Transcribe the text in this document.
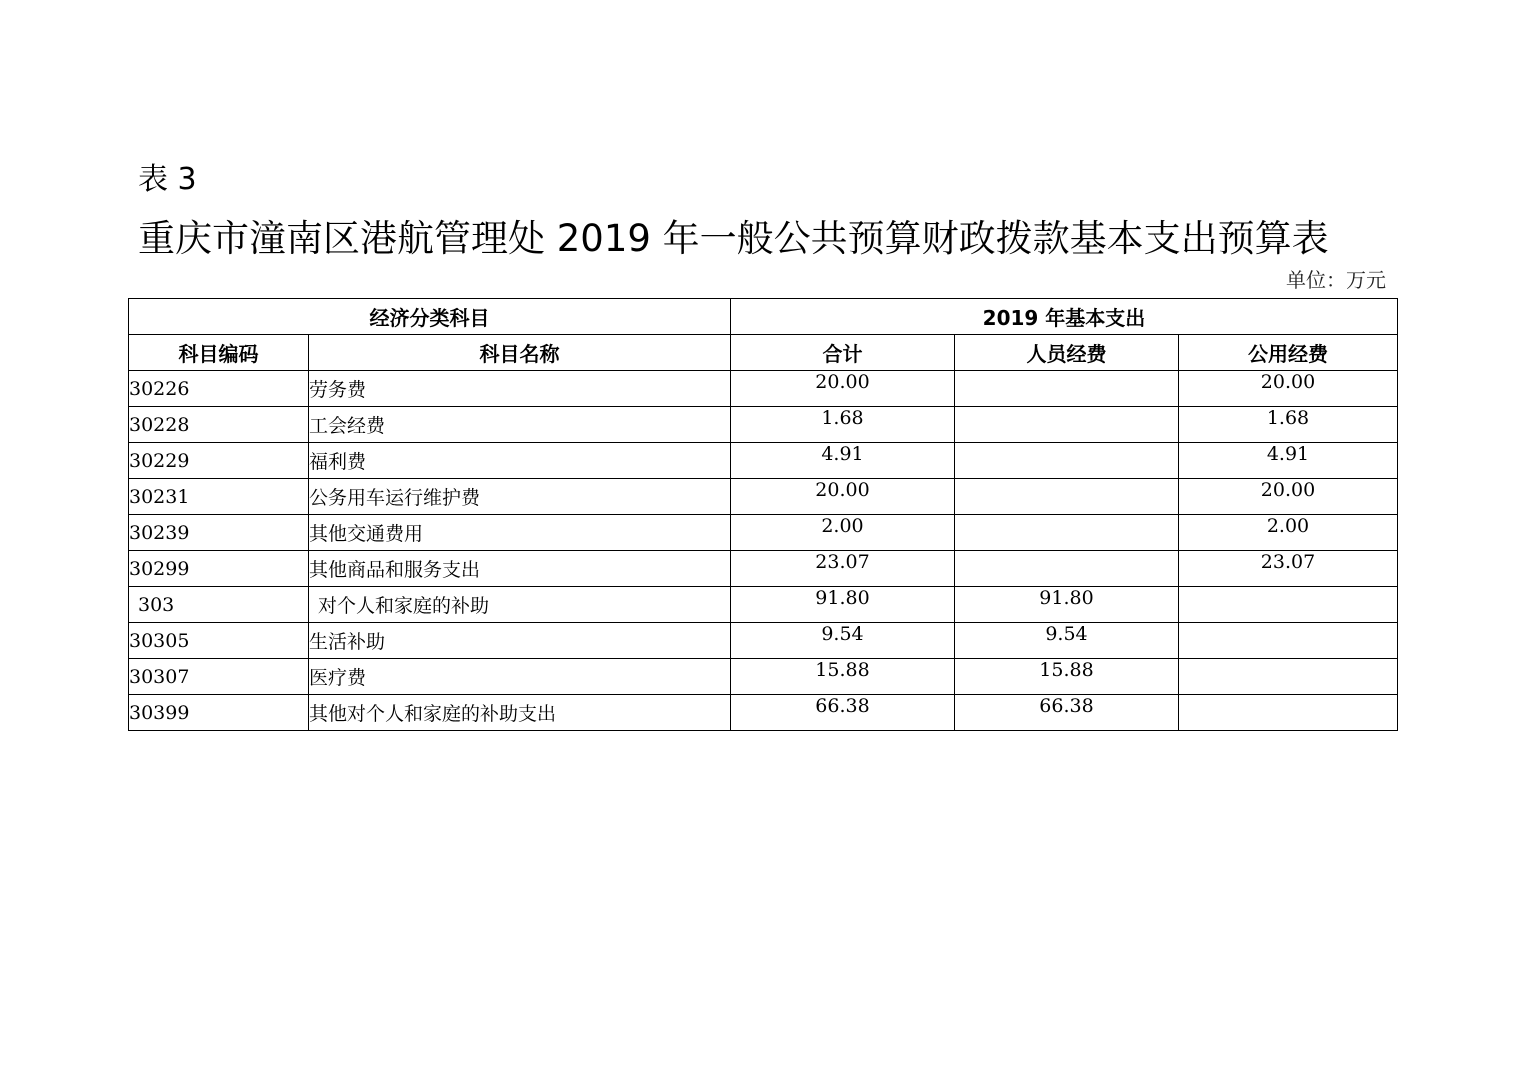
表 3
重庆市潼南区港航管理处 2019 年一般公共预算财政拨款基本支出预算表
单位：万元
经济分类科目		2019 年基本支出		
科目编码	科目名称	合计	人员经费	公用经费
30226	劳务费	20.00		20.00
30228	工会经费	1.68		1.68
30229	福利费	4.91		4.91
30231	公务用车运行维护费	20.00		20.00
30239	其他交通费用	2.00		2.00
30299	其他商品和服务支出	23.07		23.07
303	对个人和家庭的补助	91.80	91.80	
30305	生活补助	9.54	9.54	
30307	医疗费	15.88	15.88	
30399	其他对个人和家庭的补助支出	66.38	66.38	
